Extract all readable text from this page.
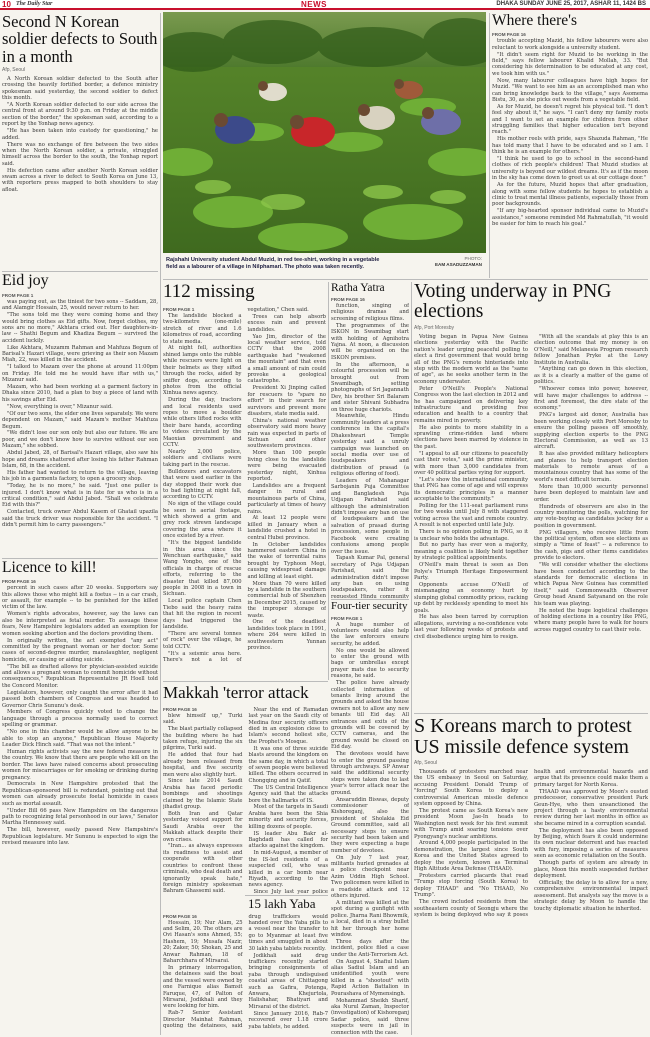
10 The Daily Star	NEWS	DHAKA SUNDAY JUNE 25, 2017, ASHAR 11, 1424 BS
Second N Korean soldier defects to South in a month
Afp, Seoul

A North Korean soldier defected to the South after crossing the heavily fortified border, a defence ministry spokesman said yesterday, the second soldier to defect this month.

"A North Korean soldier defected to our side across the central front at around 9:30 p.m. on Friday at the middle section of the border," the spokesman said, according to a report by the Yonhap news agency.

"He has been taken into custody for questioning," he added.

There was no exchange of fire between the two sides when the North Korean soldier, a private, struggled himself across the border to the south, the Yonhap report said.

His defection came after another North Korean soldier swam across a river to defect to South Korea on June 13, with reporters press mapped to both shoulders to stay afloat.

Eid joy

FROM PAGE 1

was paying out, as the tiniest for two sons -- Saddam, 28, and Alamgir Hossain, 25, would never return to her.

"The sons told me they were coming home and they would bring clothes as Eid gifts. Now, forget clothes, my sons are no more," Akhtara cried out. Her daughters-in-law -- Shathi Begum and Khadiza Begum -- survived the accident luckily.

Like Akhtara, Muzamm Rahman and Mahfuza Begum of Barisal's Hazari village, were grieving as their son Mazam Miah, 22, was killed in the accident.

"I talked to Mazam over the phone at around 11:00pm on Friday. He told me he would have iftar with us," Mizanur said.

Mazam, who had been working at a garment factory in Dhaka since 2010, had a plan to buy a piece of land with his savings after Eid.

"Now, everything is over," Mizanur said.

"Of our two sons, the elder one lives separately. We were dependent on Mazam," said Mazam's mother Mahfuza Begum.

"We didn't lose our son only but also our future. We are poor, and we don't know how to survive without our son Mazam," she sobbed.

Abdul Jabed, 28, of Barisal's Hazari village, also saw his hope and dreams shattered after losing his father Rahman Islam, 68, in the accident.

His father had wanted to return to the village, leaving his job in a garments factory, to open a grocery shop.

"Today, he is no more," he said. "Just one puller is injured. I don't know what is in fate for us who is in a critical condition," said Abdul Jabed. "Shall we celebrate Eid with this?"

Contacted, truck owner Abdul Kasem of Ghatail upazila said the truck driver was responsible for the accident. "I didn't permit him to carry passengers."

Licence to kill!

FROM PAGE 16

percent in such cases after 20 weeks. Supporters say this allows those who might kill a foetus -- in a car crash, or assault, for example -- to be punished for the killed victim of the law.

Women's rights advocates, however, say the laws can also be interpreted as fetal murder. To assuage these fears, New Hampshire legislators added an exemption for women seeking abortion and the doctors providing them.

In originally written, the act exempted "any act" committed by the pregnant woman or her doctor. Some cases of second-degree murder, manslaughter, negligent homicide, or causing or aiding suicide.

"The bill as drafted allows for physician-assisted suicide and allows a pregnant woman to commit homicide without consequences," Republican Representative JR Hoell told the Concord Monitor.

Legislators, however, only caught the error after it had passed both chambers of Congress and was headed to Governor Chris Sununu's desk.

Members of Congress quickly voted to change the language through a process normally used to correct spelling or grammar.

"No one in this chamber would be allow anyone to be able to stop an anyone," Republican House Majority Leader Dick Hinch said. "That was not the intent."

Human rights activists say the new federal measure in the country. We know that there are people who kill on the border. The laws have raised concerns about prosecuting women for miscarriages or for smoking or drinking during pregnancy.

Democrats in New Hampshire protested that the Republican-sponsored bill is redundant, pointing out that women can already prosecute foetal homicide in cases such as mortal assault.

"Under Bill 66 pass New Hampshire on the dangerous path to recognizing fetal personhood in our laws," Senator Martha Hennessey said.

The bill, however, easily passed New Hampshire's Republican legislature. Mr Sununu is expected to sign the revised measure into law.

Rajshahi University student Abdul Muzid, in red tee-shirt, working in a vegetable field as a labourer of a village in Nilphamari. The photo was taken recently.
PHOTO:
EAM ASADUZZAMAN
Where there's

FROM PAGE 16

trouble accepting Mazid, his fellow labourers were also reluctant to work alongside a university student.

"It didn't seem right for Muzid to be working in the field," says fellow labourer Khalid Mollah, 33. "But considering his determination to be educated at any cost, we took him with us."

Now, many labourer colleagues have high hopes for Muzid. "We want to see him as an accomplished man who can bring knowledge back to the village," says Asomema Bistu, 30, as she picks out weeds from a vegetable field.

As for Muzid, he doesn't regret his physical toil. "I don't feel shy about it," he says. "I can't deny my family roots and I want to set an example for children from other struggling families that higher education isn't beyond reach."

His mother reels with pride, says Shazuda Rahman, "He has told many that I have to be educated and so I am. I think he is an example for others."

"I think he used to go to school in the second-hand clothes of rich people's children! That Muzid studies at university is beyond our wildest dreams. It's as if the moon in the sky has come down to greet us at our cottage door."

As for the future, Muzid hopes that after graduation, along with some fellow students he hopes to establish a clinic to treat mental illness patients, especially those from poor backgrounds.

"If any big-hearted sponsor individual came to Muzid's assistance," someone reminded Md Rahmatullah, "it would be easier for him to reach his goal."

112 missing

FROM PAGE 1

The landslide blocked a two-kilometre (one-mile) stretch of river and 1.6 kilometres of road, according to state media.

At night fell, authorities shined lamps onto the rubble while rescuers were light on their helmets as they sifted through the rocks, aided by sniffer dogs, according to photos from the official Xinhua news agency.

During the day, tractors and local residents used ropes to move a boulder while others lifted rocks with their bare hands, according to videos circulated by the Maoxian government and CCTV.

Nearly 2,000 police, soldiers and civilians were taking part in the rescue.

Bulldozers and excavators that were used earlier in the day stopped their work due to bad lighting at night fall, according to CCTV.

No sign of the village could be seen in aerial footage, which showed a grim and grey rock strewn landscape covering the area where it once existed by a river.

"It's the biggest landslide in this area since the Wenchuan earthquake," said Wang Yongbo, one of the officials in charge of rescue efforts, referring to the disaster that killed 87,000 people in 2008 in a town in Sichuan.

Local police captain Chen Tiebo said the heavy rains that hit the region in recent days had triggered the landslide.

"There are several tonnes of rock" over the village, he told CCTV.

"It's a seismic area here. There's not a lot of vegetation," Chen said.

Trees can help absorb excess rain and prevent landslides.

Yao Jim, director of the local weather service, told CCTV that the 2008 earthquake had "weakened the mountain" and that even a small amount of rain could provoke a geological catastrophe.

President Xi Jinping called for rescuers to "spare no effort" in their search for survivors and prevent more disasters, state media said.

China's national weather observatory said more heavy rain was expected in parts of Sichuan and other southwestern provinces.

More than 100 people living close to the landslide were being evacuated yesterday night, Xinhua reported.

Landslides are a frequent danger in rural and mountainous parts of China, particularly at times of heavy rains.

At least 12 people were killed in January when a landslide crushed a hotel in central Hubei province.

In October landslides hammered eastern China in the wake of torrential rains brought by Typhoon Megi, causing widespread damage and killing at least eight.

More than 70 were killed by a landslide in the southern commercial hub of Shenzhen in December 2015, caused by the improper storage of waste.

One of the deadliest landslides took place in 1991, where 264 were killed in southwestern Yunnan province.

Ratha Yatra

FROM PAGE 16

function, singing of religious dramas and screening of religious films.

The programmes of the ISKON in Swamibag start with holding of Agnihotra Yajna. At noon, a discussion will be organised on the ISKON premises.

In the afternoon, a colourful procession will be brought out from Swamibagh, setting photographs of Sri Jagannath Dev, his brother Sri Balaram and sister Shivani Subhadra on three huge chariots.

Meanwhile, Hindu community leaders at a press conference in the capital's Dhakeshwari Temple yesterday said a unruly campaign was launched on social media over use of loudspeakers and distribution of prasad (a religious offering of food).

Leaders of Mahanagar Sarbojanin Puja Committee and Bangladesh Puja Udjapan Parishad said although the administration didn't impose any ban on use of loudspeakers and the salvation of prasad during procession, some people in Facebook were creating confusions among people over the issue.

Tapash Kumar Pal, general secretary of Puja Udjapan Parishad, said the administration didn't impose any ban on using loudspeakers, rather it requested Hindu community

Four-tier security

FROM PAGE 1

A huge number of volunteers would also help the law enforcers ensure security, he added.

No one would be allowed to enter the ground with bags or umbrellas except prayer mats due to security reasons, he said.

The police have already collected information of tenants living around the grounds and asked the house owners not to allow any new tenants till Eid day. All entrances and exits of the grounds will be covered by CCTV cameras, and the ground would be closed on Eid day.

The devotees would have to enter the ground passing through archways. SP Anwar said the additional security steps were taken due to last year's terror attack near the ground.

Ansaruddin Biswas, deputy commissioner of Kishoreganj, also the president of Sholakia Eid Ground committee, said all necessary steps to ensure security had been taken and they were expecting a huge number of devotees.

On July 7 last year, militants hurled grenades at a police checkpoint near Azim Uddin High School. Two policemen were killed in a roadside attack and 12 others injured.

A militant was killed at the spot during a gunfight with police. Jharna Rani Bhowmik, a local, died in a stray bullet hit her through her home window.

Three days after the incident, police filed a case under the Anti-Terrorism Act.

On August 4, Shafiul Islam alias Sadiul Islam and an unidentified youth were killed in a "shootout" with Rapid Action Battalion in Pourashava of Mymensingh.

Mohammad Sheikh Sharif, aka Nurul Zaman, Inspector (investigation) of Kishoreganj Sadar police, said three suspects were in jail in connection with the case.

Makkah 'terror attack

FROM PAGE 16

blew himself up," Turki said.

The blast partially collapsed the building where he had taken refuge, injuring the six pilgrims, Turki said.

He added that four had already been released from hospital, and five security men were also slightly hurt.

Since late 2014 Saudi Arabia has faced periodic bombings and shootings claimed by the Islamic State jihadist group.

Both Iran and Qatar yesterday voiced support for Saudi Arabia over the Makkah attack despite their own crises.

"Iran... as always expresses its readiness to assist and cooperate with other countries to confront these criminals, who deal death and ignorantly speak hate," foreign ministry spokesman Bahram Ghassemi said.

Near the end of Ramadan last year on the Saudi city of Medina four security officers died in an explosion close to Islam's second holiest site, the Prophet's Mosque.

It was one of three suicide blasts around the kingdom on the same day, in which a total of seven people were believed killed. The others occurred in Chongqing and in Qatif.

The US Central Intelligence Agency said that the attacks bore the hallmarks of IS.

Most of the targets in Saudi Arabia have been the Shia minority and security forces, killing dozens of people.

IS leader Abu Bakr al-Baghdadi has called for attacks against the kingdom.

In mid-August, a member of the IS-led residents of a suspected cell, who was killed in a car bomb near Riyadh, according to the news agency.

Since July last year police

15 lakh Yaba

FROM PAGE 16

Hossain, 19; Nur Alam, 25 and Selim, 20. The others are Ovi Hasan's sons Ahmed, 55; Hashem, 19; Musafa Nazir, 20; Zaker, 50; Shokan, 25 and Anwar Rahman, 18 of Baharchhara of Mirsarai.

In primary interrogation, the detainees said the boat and the vessel were owned by one Farnique alias Bamsit Faruque, 47, of Palton of Mirsarai, Jodikhali and they were looking for him.

Rab-7 Senior Assistant Director Mainhat Rahman, quoting the detainees, said drug traffickers would handed over the Yaba pills to a vessel near the transfer to go to Myanmar at least five times and smuggled in about 30 lakh yaba tablets recently.

Jodikhali said drug traffickers recently started bringing consignments of yaba through undisguised coastal areas of Chittagong such as Gafira, Potenga, Anwara, Khejurtola, Halishahar, Bhatiyari and Mirsarai of the district.

Since January 2016, Rab-7 recovered over 1.18 crore yaba tablets, he added.

Voting underway in PNG elections
Afp, Port Moresby

Voting began in Papua New Guinea elections yesterday with the Pacific nation's leader urging peaceful polling to elect a first government that would bring all of the PNG's remote hinterlands into step with the modern world as the "same of age", as he seeks another term in the economy underwater.

Peter O'Neill's People's National Congress won the last election in 2012 and he has campaigned on delivering key infrastructure and providing free education and health to a country that remains mired in poverty.

He also points to more stability in a sprawling crime-ridden land where elections have been marred by violence in the past.

"I appeal to all our citizens to peacefully cast their votes," said the prime minister, with more than 3,000 candidates from over 40 political parties vying for support.

"Let's show the international community that PNG has come of age and will express its democratic principles in a manner acceptable to the community."

Polling for the 111-seat parliament runs for two weeks until July 8 with staggered voting across the vast and remote country. A result is not expected until late July.

There is no opinion polling in PNG, so it is unclear who holds the advantage.

But no party has ever won a majority, meaning a coalition is likely held together by strategic political appointments.

O'Neill's main threat is seen as Don Polye's Triumph Heritage Empowerment Party.

Opponents accuse O'Neill of mismanaging an economy hurt by slumping global commodity prices, racking up debt by recklessly spending to meet his goals.

He has also been tarred by corruption allegations, surviving a no-confidence vote last year following weeks of protests and civil disobedience urging him to resign.

"With all the scandals at play this is an election outcome that my money is on O'Neill," said Melanesia Program research fellow Jonathan Pryke at the Lowy Institute in Australia.

"Anything can go down in this election, as it is a clearly a matter of the game of politics.

"Whoever comes into power, however, will have major challenges to address -- first and foremost, the dire state of the economy."

PNG's largest aid donor, Australia has been working closely with Port Moresby to ensure the polling passes off smoothly, supplying election experts to the PNG Electoral Commission, as well as 13 aircraft.

It has also provided military helicopters and planes to help transport election materials to remote areas of a mountainous country that has some of the world's most difficult terrain.

More than 10,000 security personnel have been deployed to maintain law and order.

Hundreds of observers are also in the country monitoring the polls, watching for any vote-buying as candidates jockey for a position in government.

PNG villagers, who receive little from the political system, often see elections as simply a "time of feast" -- a reference to the cash, pigs and other items candidates provide to electors.

"We will consider whether the elections have been conducted according to the standards for democratic elections in which Papua New Guinea has committed itself," said Commonwealth Observer Group head Anand Satyanand on the role his team was playing.

He noted the huge logistical challenges of holding elections in a country like PNG, where many people have to walk for hours across rugged country to cast their vote.

S Koreans march to protest US missile defence system
Afp, Seoul

Thousands of protesters marched near the US embassy in Seoul on Saturday, accusing President Donald Trump of "forcing" South Korea to deploy a controversial American missile defence system opposed by China.

The protest came as South Korea's new president Moon Jae-In heads to Washington next week for his first summit with Trump amid soaring tensions over Pyongyang's nuclear ambitions.

Around 4,000 people participated in the demonstration, the largest since South Korea and the United States agreed to deploy the system, known as Terminal High Altitude Area Defense (THAAD).

Protesters carried placards that read "Trump stop forcing (South Korea) to deploy THAAD" and "No THAAD, No Trump".

The crowd included residents from the southeastern county of Seongju where the system is being deployed who say it poses health and environmental hazards and argue that its presence could make them a primary target for North Korea.

THAAD was approved by Moon's ousted predecessor, conservative president Park Geun-Hye, who then unsanctioned the project through a hasty environmental review during her last months in office as she became mired in a corruption scandal.

The deployment has also been opposed by Beijing, which fears it could undermine its own nuclear deterrent and has reacted with fury, imposing a series of measures seen as economic retaliation on the South.

Though parts of system are already in place, Moon this month suspended further deployment.

Officially, the delay is to allow for a new, comprehensive environmental impact assessment. But analysts say the move is a strategic delay by Moon to handle the touchy diplomatic situation he inherited.
